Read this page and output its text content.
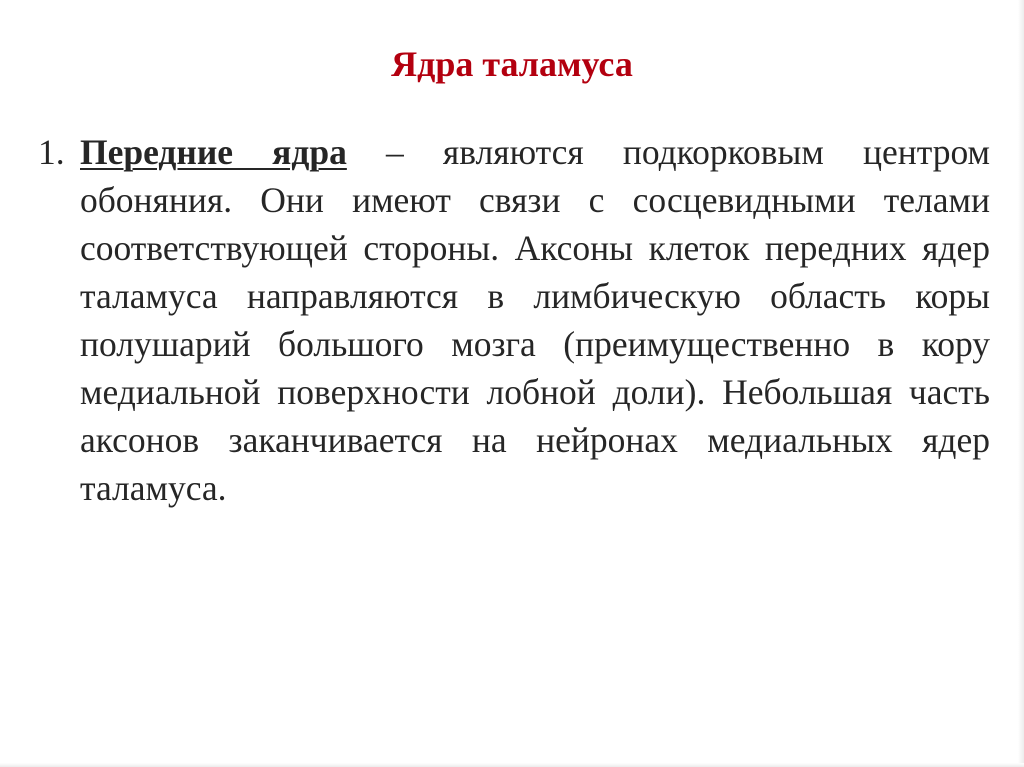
Ядра таламуса
1. Передние ядра – являются подкорковым центром обоняния. Они имеют связи с сосцевидными телами соответствующей стороны. Аксоны клеток передних ядер таламуса направляются в лимбическую область коры полушарий большого мозга (преимущественно в кору медиальной поверхности лобной доли). Небольшая часть аксонов заканчивается на нейронах медиальных ядер таламуса.
